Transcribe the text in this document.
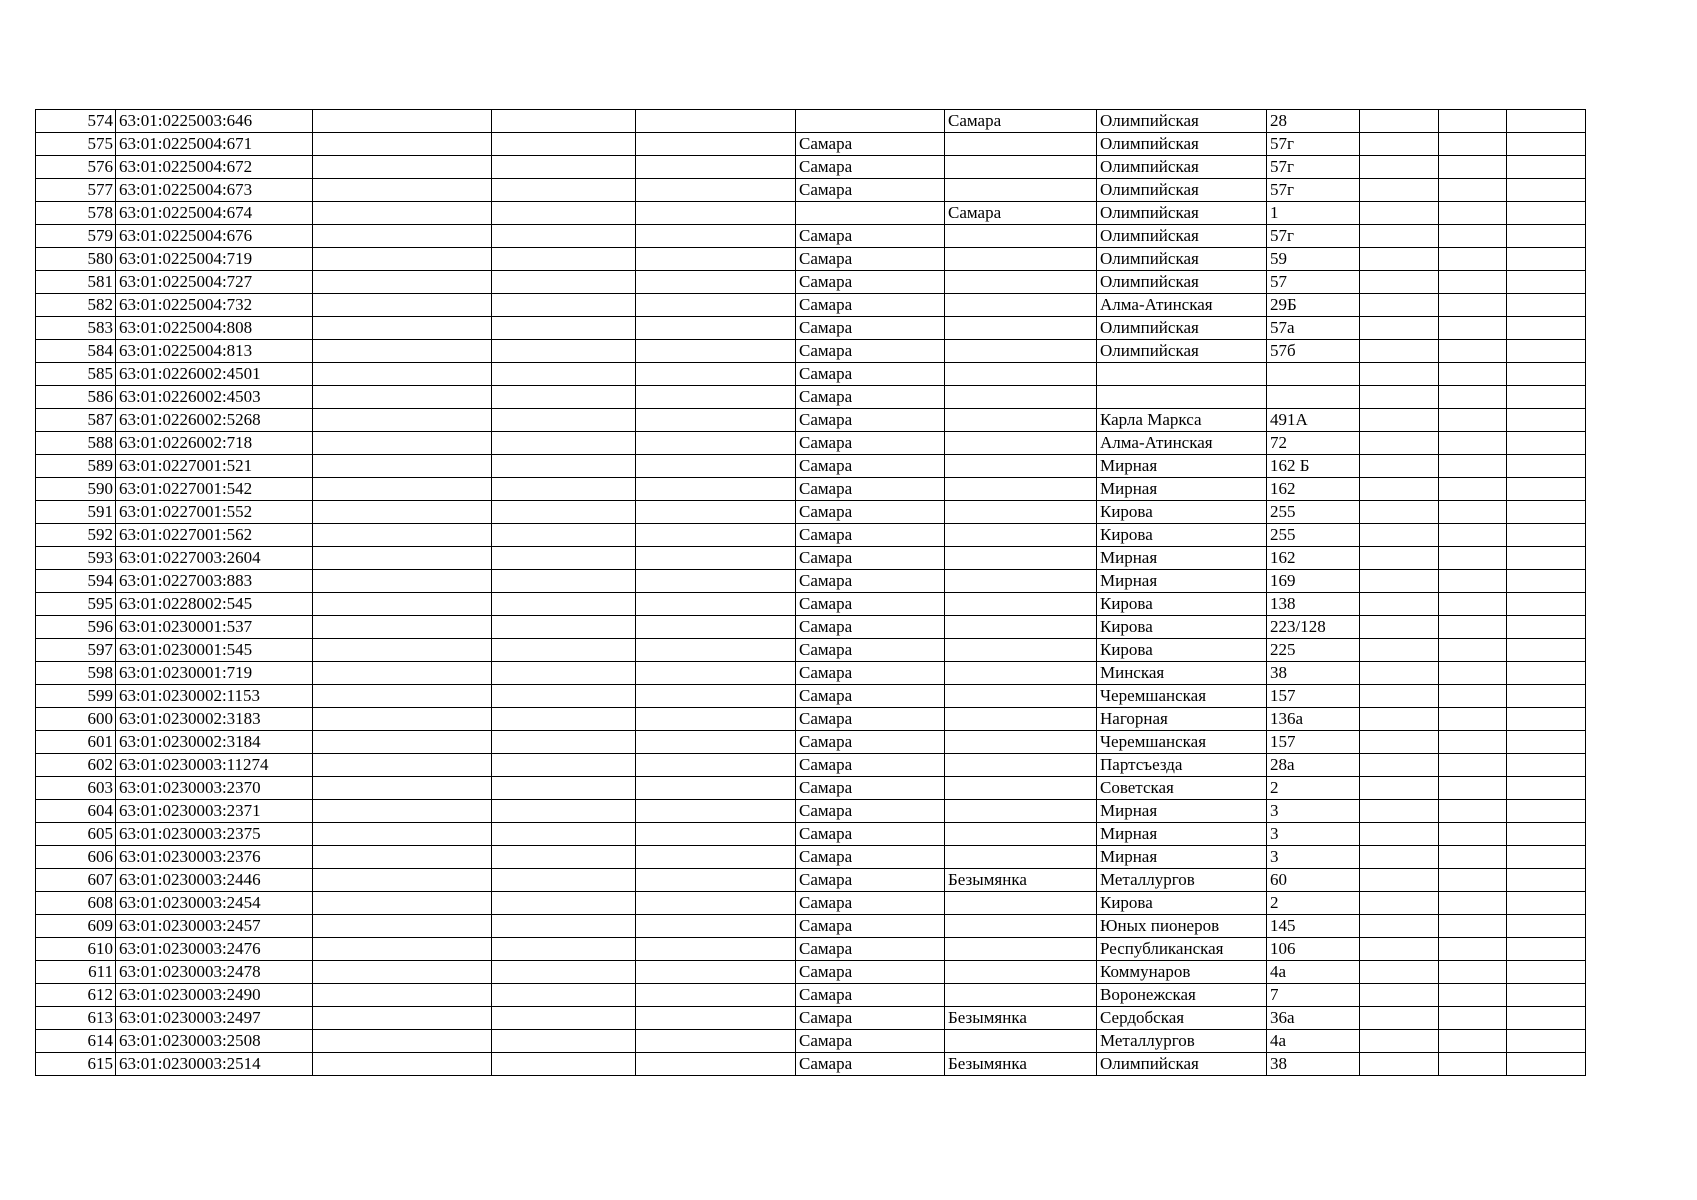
574	63:01:0225003:646					Самара	Олимпийская	28			
575	63:01:0225004:671				Самара		Олимпийская	57г			
576	63:01:0225004:672				Самара		Олимпийская	57г			
577	63:01:0225004:673				Самара		Олимпийская	57г			
578	63:01:0225004:674					Самара	Олимпийская	1			
579	63:01:0225004:676				Самара		Олимпийская	57г			
580	63:01:0225004:719				Самара		Олимпийская	59			
581	63:01:0225004:727				Самара		Олимпийская	57			
582	63:01:0225004:732				Самара		Алма-Атинская	29Б			
583	63:01:0225004:808				Самара		Олимпийская	57а			
584	63:01:0225004:813				Самара		Олимпийская	57б			
585	63:01:0226002:4501				Самара						
586	63:01:0226002:4503				Самара						
587	63:01:0226002:5268				Самара		Карла Маркса	491А			
588	63:01:0226002:718				Самара		Алма-Атинская	72			
589	63:01:0227001:521				Самара		Мирная	162 Б			
590	63:01:0227001:542				Самара		Мирная	162			
591	63:01:0227001:552				Самара		Кирова	255			
592	63:01:0227001:562				Самара		Кирова	255			
593	63:01:0227003:2604				Самара		Мирная	162			
594	63:01:0227003:883				Самара		Мирная	169			
595	63:01:0228002:545				Самара		Кирова	138			
596	63:01:0230001:537				Самара		Кирова	223/128			
597	63:01:0230001:545				Самара		Кирова	225			
598	63:01:0230001:719				Самара		Минская	38			
599	63:01:0230002:1153				Самара		Черемшанская	157			
600	63:01:0230002:3183				Самара		Нагорная	136а			
601	63:01:0230002:3184				Самара		Черемшанская	157			
602	63:01:0230003:11274				Самара		Партсъезда	28а			
603	63:01:0230003:2370				Самара		Советская	2			
604	63:01:0230003:2371				Самара		Мирная	3			
605	63:01:0230003:2375				Самара		Мирная	3			
606	63:01:0230003:2376				Самара		Мирная	3			
607	63:01:0230003:2446				Самара	Безымянка	Металлургов	60			
608	63:01:0230003:2454				Самара		Кирова	2			
609	63:01:0230003:2457				Самара		Юных пионеров	145			
610	63:01:0230003:2476				Самара		Республиканская	106			
611	63:01:0230003:2478				Самара		Коммунаров	4а			
612	63:01:0230003:2490				Самара		Воронежская	7			
613	63:01:0230003:2497				Самара	Безымянка	Сердобская	36а			
614	63:01:0230003:2508				Самара		Металлургов	4а			
615	63:01:0230003:2514				Самара	Безымянка	Олимпийская	38			
